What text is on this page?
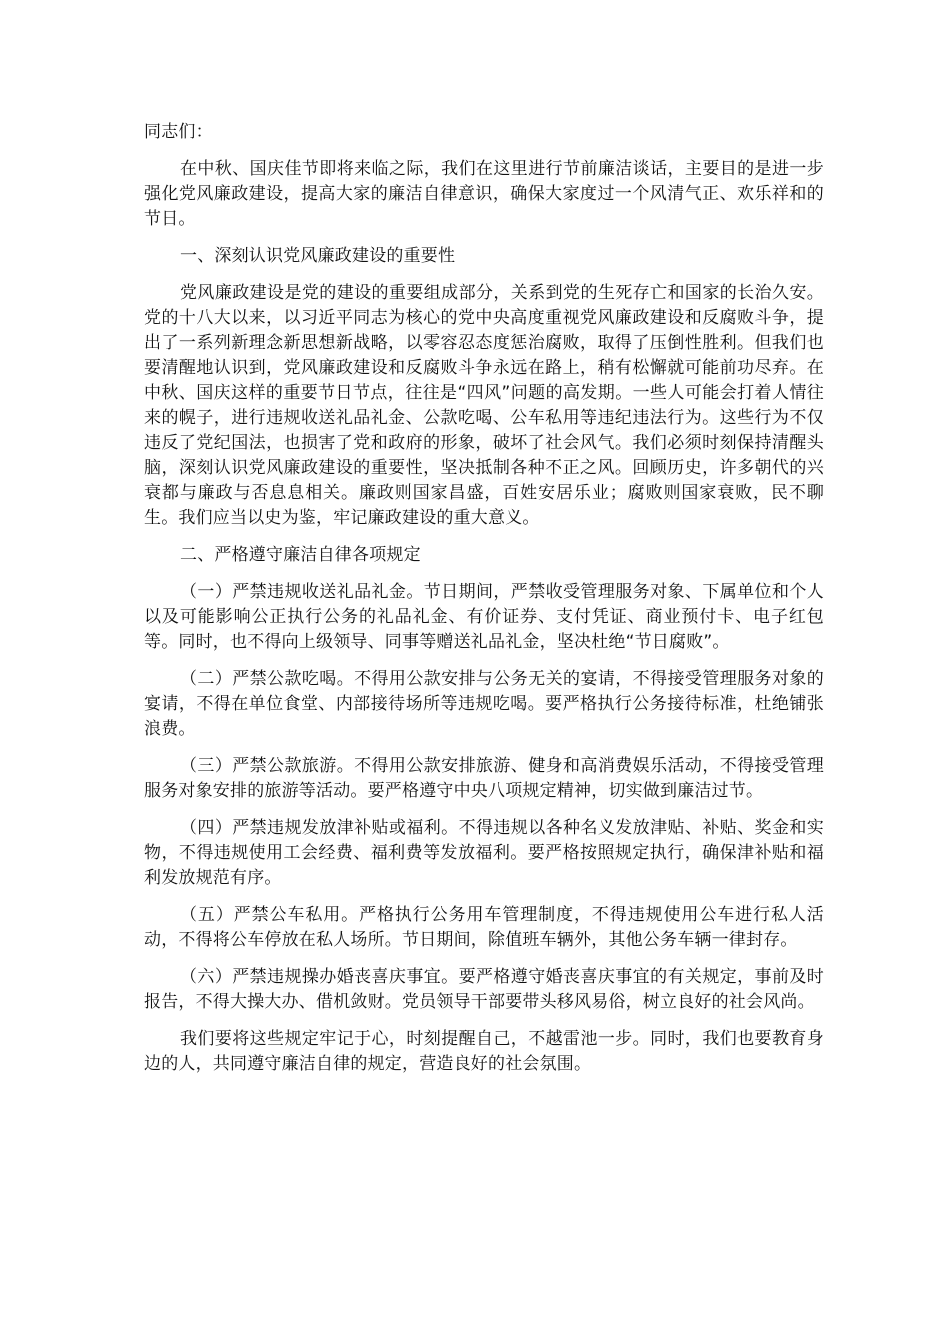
同志们：

在中秋、国庆佳节即将来临之际，我们在这里进行节前廉洁谈话，主要目的是进一步强化党风廉政建设，提高大家的廉洁自律意识，确保大家度过一个风清气正、欢乐祥和的节日。

一、深刻认识党风廉政建设的重要性

党风廉政建设是党的建设的重要组成部分，关系到党的生死存亡和国家的长治久安。党的十八大以来，以习近平同志为核心的党中央高度重视党风廉政建设和反腐败斗争，提出了一系列新理念新思想新战略，以零容忍态度惩治腐败，取得了压倒性胜利。但我们也要清醒地认识到，党风廉政建设和反腐败斗争永远在路上，稍有松懈就可能前功尽弃。在中秋、国庆这样的重要节日节点，往往是“四风”问题的高发期。一些人可能会打着人情往来的幌子，进行违规收送礼品礼金、公款吃喝、公车私用等违纪违法行为。这些行为不仅违反了党纪国法，也损害了党和政府的形象，破坏了社会风气。我们必须时刻保持清醒头脑，深刻认识党风廉政建设的重要性，坚决抵制各种不正之风。回顾历史，许多朝代的兴衰都与廉政与否息息相关。廉政则国家昌盛，百姓安居乐业；腐败则国家衰败，民不聊生。我们应当以史为鉴，牢记廉政建设的重大意义。

二、严格遵守廉洁自律各项规定

（一）严禁违规收送礼品礼金。节日期间，严禁收受管理服务对象、下属单位和个人以及可能影响公正执行公务的礼品礼金、有价证券、支付凭证、商业预付卡、电子红包等。同时，也不得向上级领导、同事等赠送礼品礼金，坚决杜绝“节日腐败”。

（二）严禁公款吃喝。不得用公款安排与公务无关的宴请，不得接受管理服务对象的宴请，不得在单位食堂、内部接待场所等违规吃喝。要严格执行公务接待标准，杜绝铺张浪费。

（三）严禁公款旅游。不得用公款安排旅游、健身和高消费娱乐活动，不得接受管理服务对象安排的旅游等活动。要严格遵守中央八项规定精神，切实做到廉洁过节。

（四）严禁违规发放津补贴或福利。不得违规以各种名义发放津贴、补贴、奖金和实物，不得违规使用工会经费、福利费等发放福利。要严格按照规定执行，确保津补贴和福利发放规范有序。

（五）严禁公车私用。严格执行公务用车管理制度，不得违规使用公车进行私人活动，不得将公车停放在私人场所。节日期间，除值班车辆外，其他公务车辆一律封存。

（六）严禁违规操办婚丧喜庆事宜。要严格遵守婚丧喜庆事宜的有关规定，事前及时报告，不得大操大办、借机敛财。党员领导干部要带头移风易俗，树立良好的社会风尚。

我们要将这些规定牢记于心，时刻提醒自己，不越雷池一步。同时，我们也要教育身边的人，共同遵守廉洁自律的规定，营造良好的社会氛围。
